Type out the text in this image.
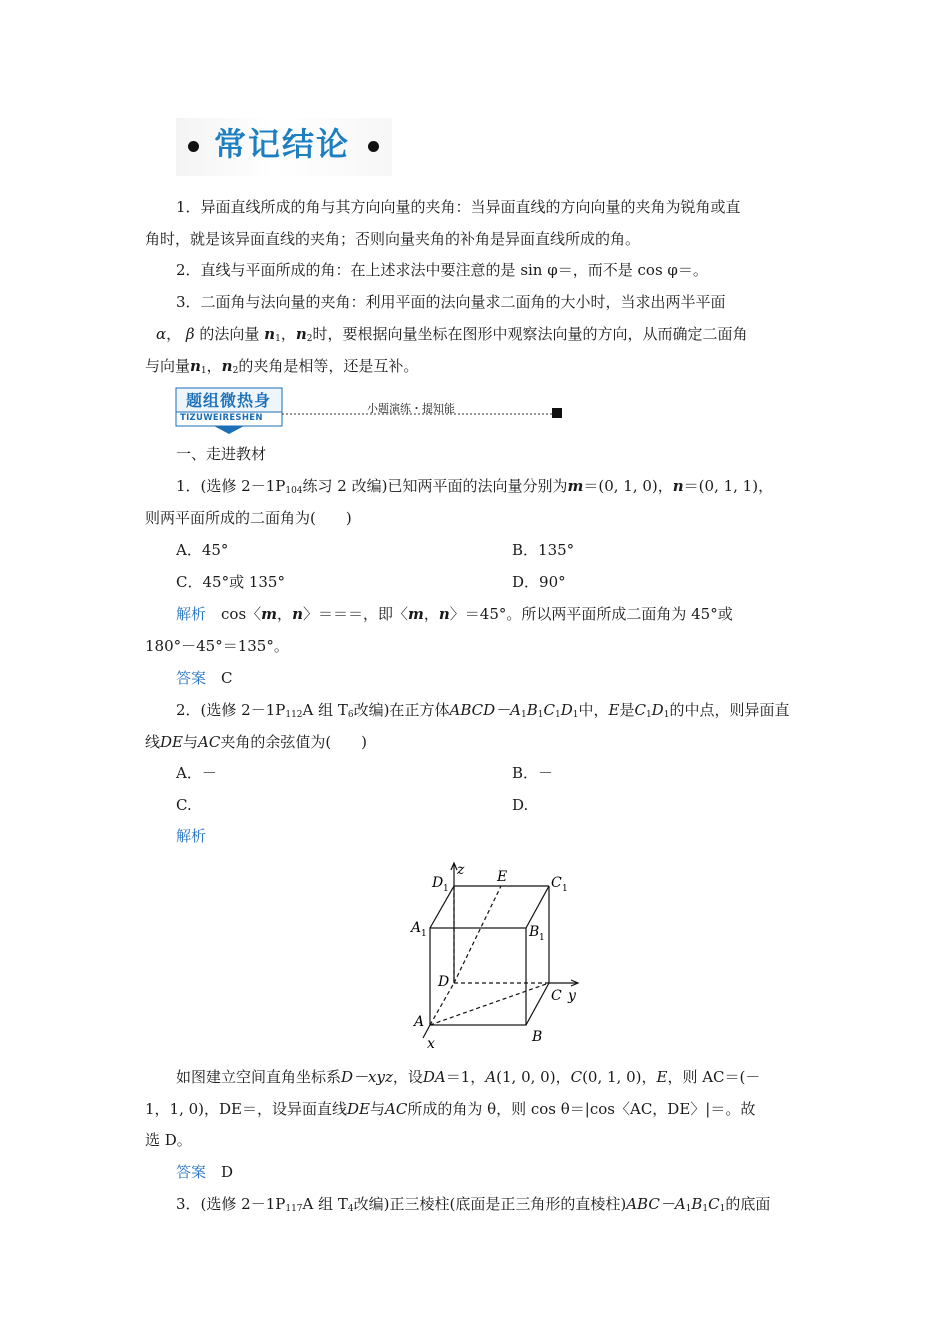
常记结论
1．异面直线所成的角与其方向向量的夹角：当异面直线的方向向量的夹角为锐角或直
角时，就是该异面直线的夹角；否则向量夹角的补角是异面直线所成的角。
2．直线与平面所成的角：在上述求法中要注意的是 sin φ＝，而不是 cos φ＝。
3．二面角与法向量的夹角：利用平面的法向量求二面角的大小时，当求出两半平面
α， β 的法向量 $n_1$，$n_2$时，要根据向量坐标在图形中观察法向量的方向，从而确定二面角
与向量$n_1$，$n_2$的夹角是相等，还是互补。
题组微热身
TIZUWEIRESHEN
小题演练・提知能
一、走进教材
1．(选修 $2-1P_{104}$练习 2 改编)已知两平面的法向量分别为m＝(0, 1, 0)，n＝(0, 1, 1)，
则两平面所成的二面角为(　　)
A．45°	B．135°
C．45°或 135°	D．90°
解析　 cos〈m，n〉＝＝＝，即〈m，n〉＝45°。所以两平面所成二面角为 45°或
180°－45°＝135°。
答案　 C
2．(选修 $2-1P_{112}A$ 组 $T_6$改编)在正方体$ABCD-A_1B_1C_1D_1$中，E是$C_1D_1$的中点，则异面直
线DE与AC夹角的余弦值为(　　)
A．－	B．－
C.	D.
解析
z
y
x
E
D 1	C 1
A 1	B 1
D
C
A
B
如图建立空间直角坐标系D－xyz，设DA＝1，A(1, 0, 0)，C(0, 1, 0)，E，则 AC＝(－
1，1, 0)，DE＝，设异面直线DE与AC所成的角为 θ，则 cos θ＝|cos〈AC，DE〉|＝。故
选 D。
答案　 D
3．(选修 $2-1P_{117}A$ 组 $T_4$改编)正三棱柱(底面是正三角形的直棱柱)$ABC-A_1B_1C_1$的底面
